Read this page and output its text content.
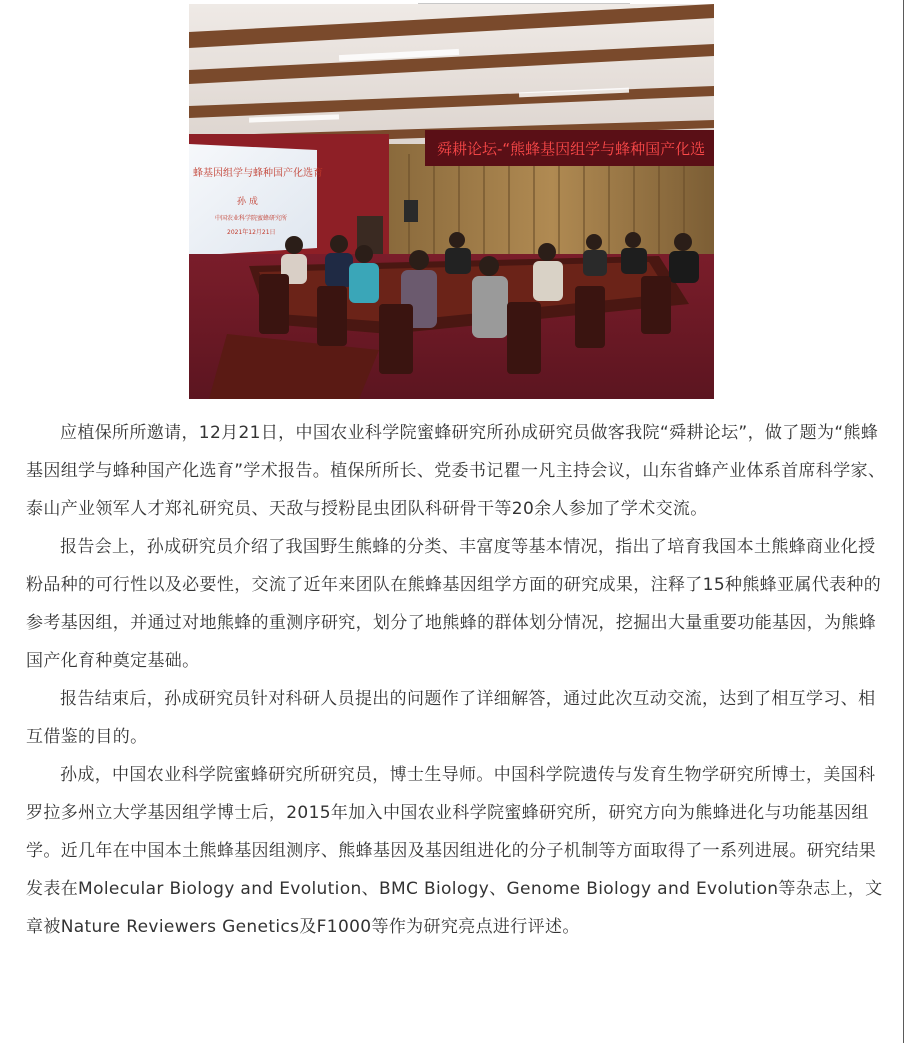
舜耕论坛-“熊蜂基因组学与蜂种国产化选
蜂基因组学与蜂种国产化选育
孙 成
中国农业科学院蜜蜂研究所
2021年12月21日

应植保所所邀请，12月21日，中国农业科学院蜜蜂研究所孙成研究员做客我院“舜耕论坛”，做了题为“熊蜂基因组学与蜂种国产化选育”学术报告。植保所所长、党委书记瞿一凡主持会议，山东省蜂产业体系首席科学家、泰山产业领军人才郑礼研究员、天敌与授粉昆虫团队科研骨干等20余人参加了学术交流。

报告会上，孙成研究员介绍了我国野生熊蜂的分类、丰富度等基本情况，指出了培育我国本土熊蜂商业化授粉品种的可行性以及必要性，交流了近年来团队在熊蜂基因组学方面的研究成果，注释了15种熊蜂亚属代表种的参考基因组，并通过对地熊蜂的重测序研究，划分了地熊蜂的群体划分情况，挖掘出大量重要功能基因，为熊蜂国产化育种奠定基础。

报告结束后，孙成研究员针对科研人员提出的问题作了详细解答，通过此次互动交流，达到了相互学习、相互借鉴的目的。

孙成，中国农业科学院蜜蜂研究所研究员，博士生导师。中国科学院遗传与发育生物学研究所博士，美国科罗拉多州立大学基因组学博士后，2015年加入中国农业科学院蜜蜂研究所，研究方向为熊蜂进化与功能基因组学。近几年在中国本土熊蜂基因组测序、熊蜂基因及基因组进化的分子机制等方面取得了一系列进展。研究结果发表在Molecular Biology and Evolution、BMC Biology、Genome Biology and Evolution等杂志上，文章被Nature Reviewers Genetics及F1000等作为研究亮点进行评述。
